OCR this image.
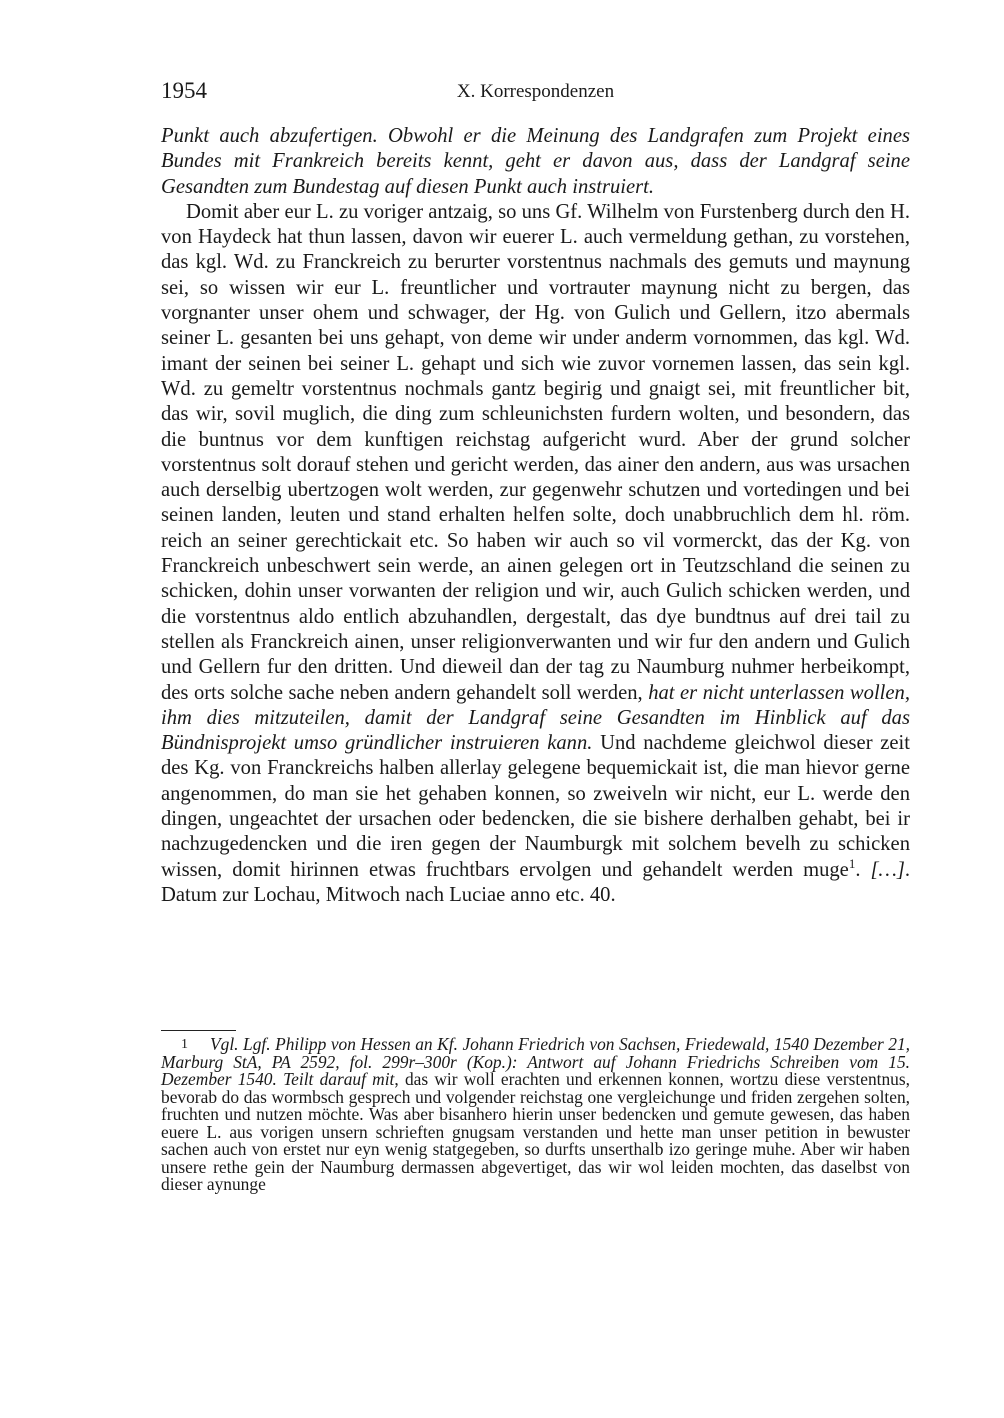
1954	X. Korrespondenzen

Punkt auch abzufertigen. Obwohl er die Meinung des Landgrafen zum Projekt eines Bundes mit Frankreich bereits kennt, geht er davon aus, dass der Landgraf seine Gesandten zum Bundestag auf diesen Punkt auch instruiert.

Domit aber eur L. zu voriger antzaig, so uns Gf. Wilhelm von Furstenberg durch den H. von Haydeck hat thun lassen, davon wir euerer L. auch vermeldung gethan, zu vorstehen, das kgl. Wd. zu Franckreich zu berurter vorstentnus nachmals des gemuts und maynung sei, so wissen wir eur L. freuntlicher und vortrauter maynung nicht zu bergen, das vorgnanter unser ohem und schwager, der Hg. von Gulich und Gellern, itzo abermals seiner L. gesanten bei uns gehapt, von deme wir under anderm vornommen, das kgl. Wd. imant der seinen bei seiner L. gehapt und sich wie zuvor vornemen lassen, das sein kgl. Wd. zu gemeltr vorstentnus nochmals gantz begirig und gnaigt sei, mit freuntlicher bit, das wir, sovil muglich, die ding zum schleunichsten furdern wolten, und besondern, das die buntnus vor dem kunftigen reichstag aufgericht wurd. Aber der grund solcher vorstentnus solt dorauf stehen und gericht werden, das ainer den andern, aus was ursachen auch derselbig ubertzogen wolt werden, zur gegenwehr schutzen und vortedingen und bei seinen landen, leuten und stand erhalten helfen solte, doch unabbruchlich dem hl. röm. reich an seiner gerechtickait etc. So haben wir auch so vil vormerckt, das der Kg. von Franckreich unbeschwert sein werde, an ainen gelegen ort in Teutzschland die seinen zu schicken, dohin unser vorwanten der religion und wir, auch Gulich schicken werden, und die vorstentnus aldo entlich abzuhandlen, dergestalt, das dye bundtnus auf drei tail zu stellen als Franckreich ainen, unser religionverwanten und wir fur den andern und Gulich und Gellern fur den dritten. Und dieweil dan der tag zu Naumburg nuhmer herbeikompt, des orts solche sache neben andern gehandelt soll werden, hat er nicht unterlassen wollen, ihm dies mitzuteilen, damit der Landgraf seine Gesandten im Hinblick auf das Bündnisprojekt umso gründlicher instruieren kann. Und nachdeme gleichwol dieser zeit des Kg. von Franckreichs halben allerlay gelegene bequemickait ist, die man hievor gerne angenommen, do man sie het gehaben konnen, so zweiveln wir nicht, eur L. werde den dingen, ungeachtet der ursachen oder bedencken, die sie bishere derhalben gehabt, bei ir nachzugedencken und die iren gegen der Naumburgk mit solchem bevelh zu schicken wissen, domit hirinnen etwas fruchtbars ervolgen und gehandelt werden muge$^1$. […]. Datum zur Lochau, Mitwoch nach Luciae anno etc. 40.

1 Vgl. Lgf. Philipp von Hessen an Kf. Johann Friedrich von Sachsen, Friedewald, 1540 Dezember 21, Marburg StA, PA 2592, fol. 299r–300r (Kop.): Antwort auf Johann Friedrichs Schreiben vom 15. Dezember 1540. Teilt darauf mit, das wir woll erachten und erkennen konnen, wortzu diese verstentnus, bevorab do das wormbsch gesprech und volgender reichstag one vergleichunge und friden zergehen solten, fruchten und nutzen möchte. Was aber bisanhero hierin unser bedencken und gemute gewesen, das haben euere L. aus vorigen unsern schrieften gnugsam verstanden und hette man unser petition in bewuster sachen auch von erstet nur eyn wenig statgegeben, so durfts unserthalb izo geringe muhe. Aber wir haben unsere rethe gein der Naumburg dermassen abgevertiget, das wir wol leiden mochten, das daselbst von dieser aynunge
